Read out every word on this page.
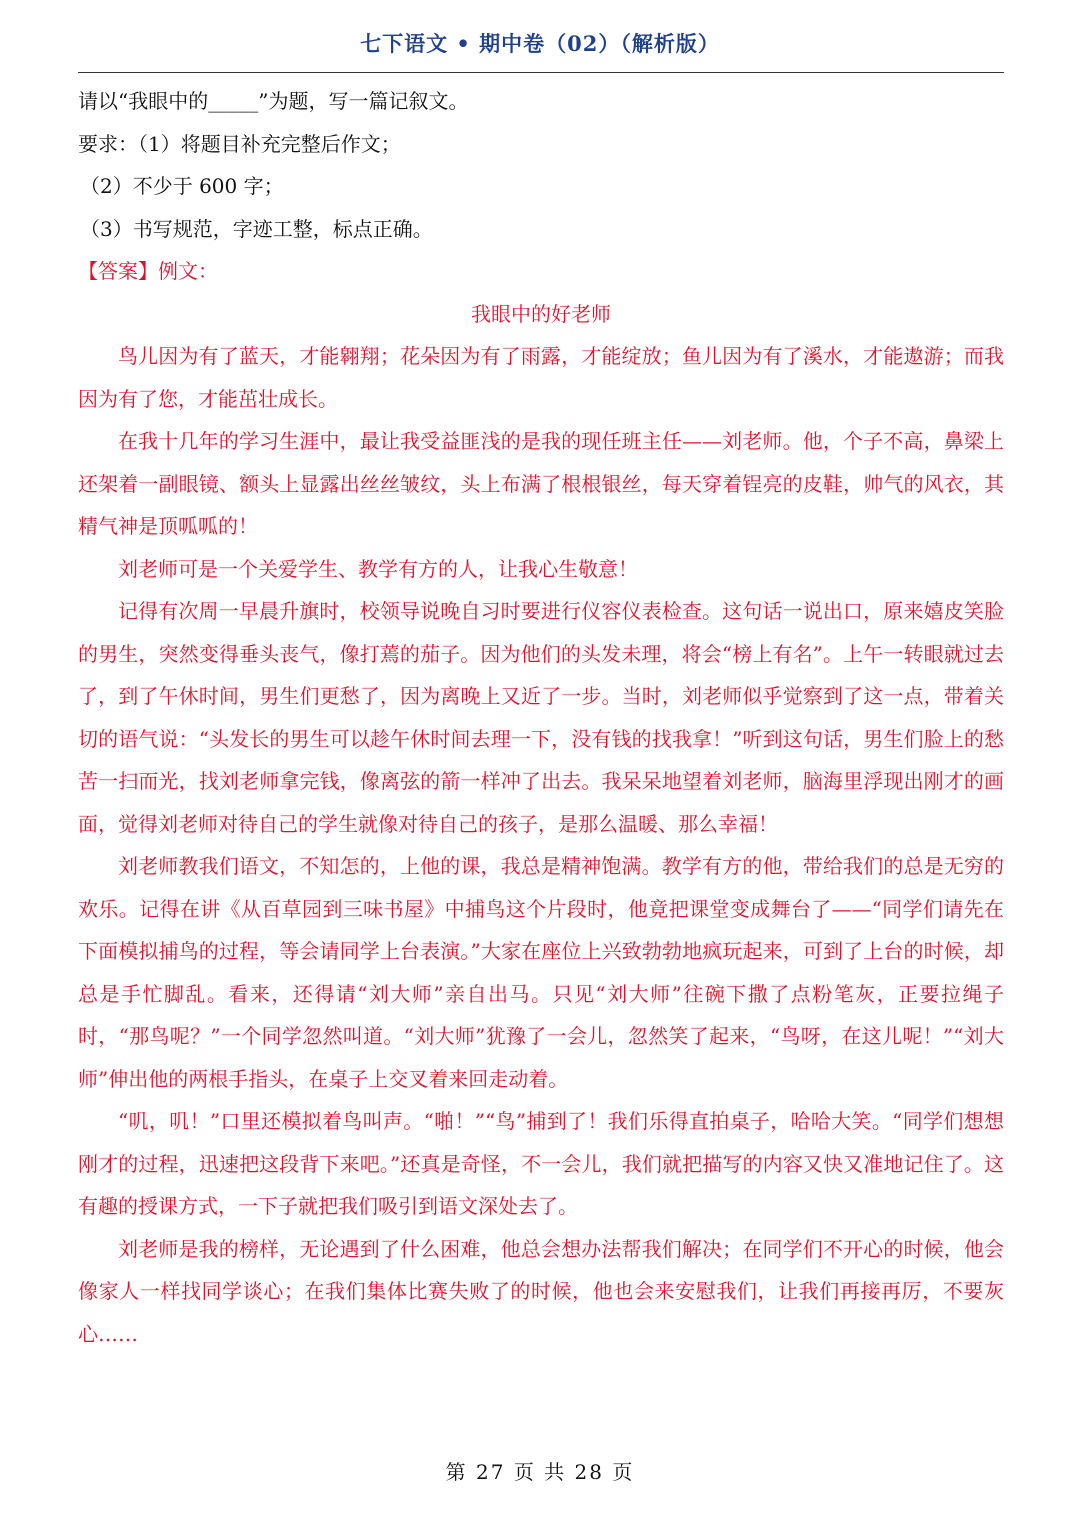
七下语文 • 期中卷（02）（解析版）
请以“我眼中的_____”为题，写一篇记叙文。
要求：（1）将题目补充完整后作文；
（2）不少于 600 字；
（3）书写规范，字迹工整，标点正确。
【答案】例文：
我眼中的好老师

鸟儿因为有了蓝天，才能翱翔；花朵因为有了雨露，才能绽放；鱼儿因为有了溪水，才能遨游；而我因为有了您，才能茁壮成长。

在我十几年的学习生涯中，最让我受益匪浅的是我的现任班主任——刘老师。他，个子不高，鼻梁上还架着一副眼镜、额头上显露出丝丝皱纹，头上布满了根根银丝，每天穿着锃亮的皮鞋，帅气的风衣，其精气神是顶呱呱的！

刘老师可是一个关爱学生、教学有方的人，让我心生敬意！

记得有次周一早晨升旗时，校领导说晚自习时要进行仪容仪表检查。这句话一说出口，原来嬉皮笑脸的男生，突然变得垂头丧气，像打蔫的茄子。因为他们的头发未理，将会“榜上有名”。上午一转眼就过去了，到了午休时间，男生们更愁了，因为离晚上又近了一步。当时，刘老师似乎觉察到了这一点，带着关切的语气说：“头发长的男生可以趁午休时间去理一下，没有钱的找我拿！”听到这句话，男生们脸上的愁苦一扫而光，找刘老师拿完钱，像离弦的箭一样冲了出去。我呆呆地望着刘老师，脑海里浮现出刚才的画面，觉得刘老师对待自己的学生就像对待自己的孩子，是那么温暖、那么幸福！

刘老师教我们语文，不知怎的，上他的课，我总是精神饱满。教学有方的他，带给我们的总是无穷的欢乐。记得在讲《从百草园到三味书屋》中捕鸟这个片段时，他竟把课堂变成舞台了——“同学们请先在下面模拟捕鸟的过程，等会请同学上台表演。”大家在座位上兴致勃勃地疯玩起来，可到了上台的时候，却总是手忙脚乱。看来，还得请“刘大师”亲自出马。只见“刘大师”往碗下撒了点粉笔灰，正要拉绳子时，“那鸟呢？”一个同学忽然叫道。“刘大师”犹豫了一会儿，忽然笑了起来，“鸟呀，在这儿呢！”“刘大师”伸出他的两根手指头，在桌子上交叉着来回走动着。

“叽，叽！”口里还模拟着鸟叫声。“啪！”“鸟”捕到了！我们乐得直拍桌子，哈哈大笑。“同学们想想刚才的过程，迅速把这段背下来吧。”还真是奇怪，不一会儿，我们就把描写的内容又快又准地记住了。这有趣的授课方式，一下子就把我们吸引到语文深处去了。

刘老师是我的榜样，无论遇到了什么困难，他总会想办法帮我们解决；在同学们不开心的时候，他会像家人一样找同学谈心；在我们集体比赛失败了的时候，他也会来安慰我们，让我们再接再厉，不要灰心……

第 27 页 共 28 页
